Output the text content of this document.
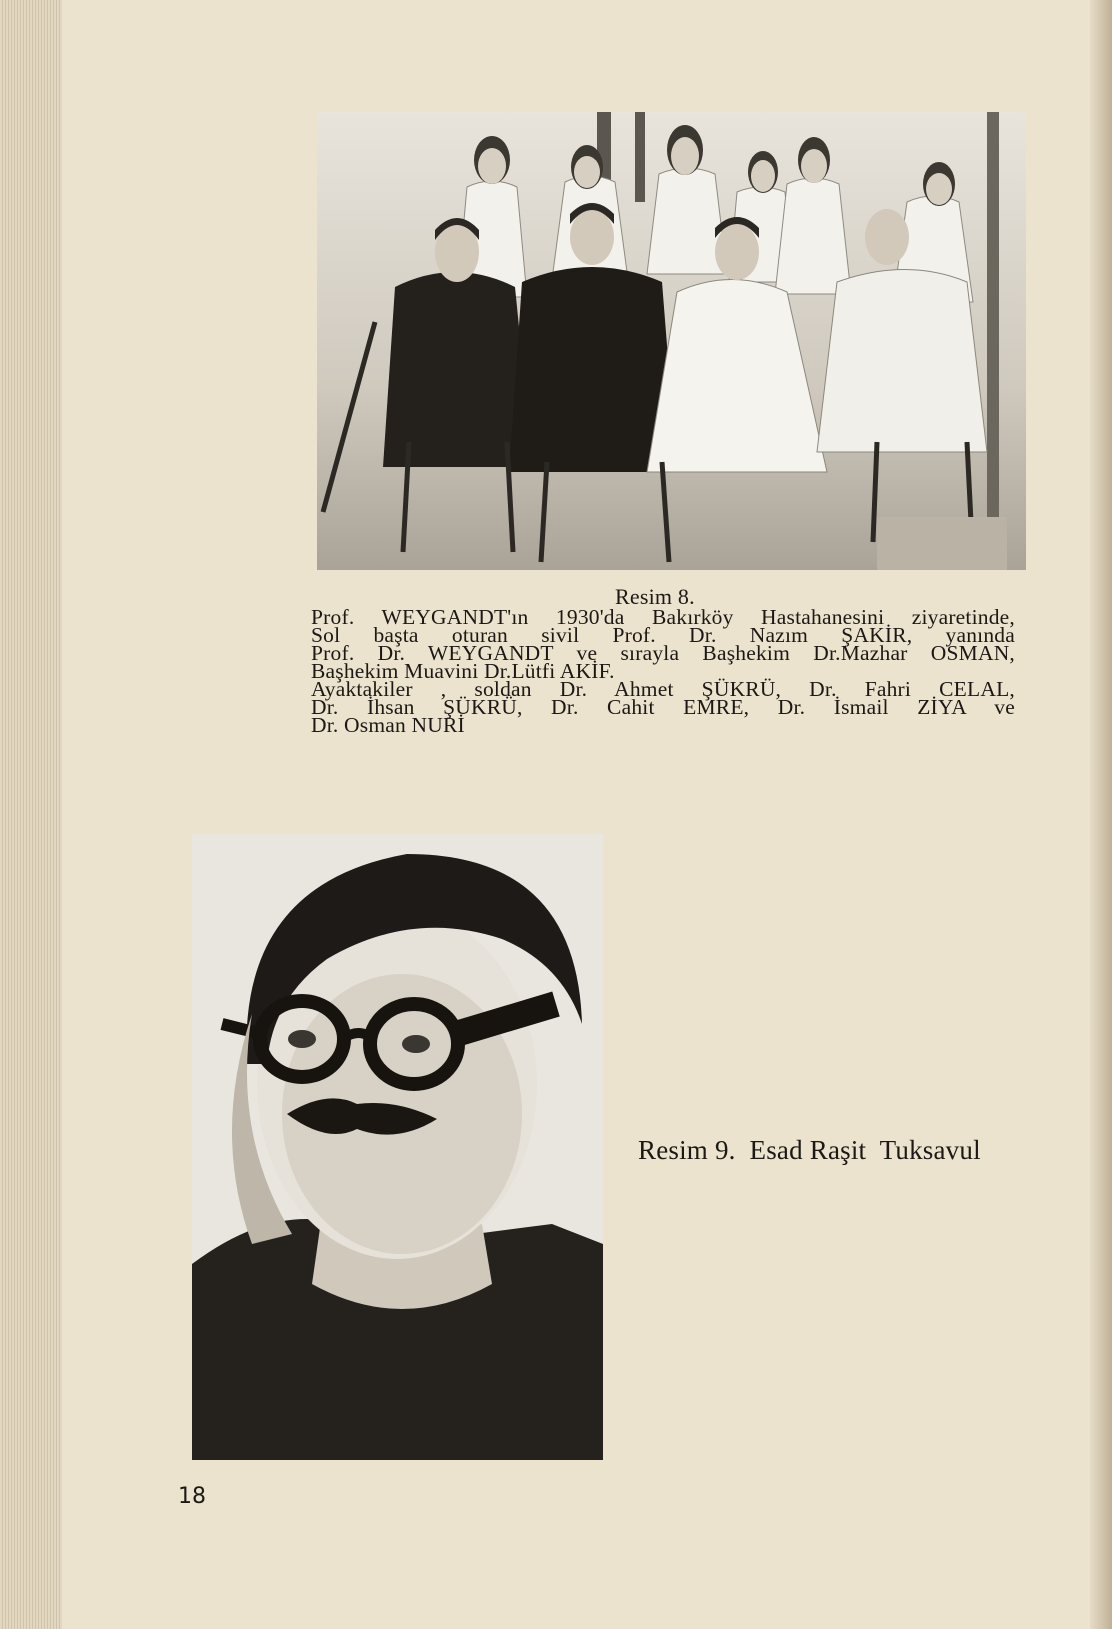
Resim 8.
Prof. WEYGANDT'ın 1930'da Bakırköy Hastahanesini ziyaretinde,
Sol başta oturan sivil Prof. Dr. Nazım ŞAKİR, yanında
Prof. Dr. WEYGANDT ve sırayla Başhekim Dr.Mazhar OSMAN,
Başhekim Muavini Dr.Lütfi AKİF.
Ayaktakiler , soldan Dr. Ahmet ŞÜKRÜ, Dr. Fahri CELAL,
Dr. İhsan ŞÜKRÜ, Dr. Cahit EMRE, Dr. İsmail ZİYA ve
Dr. Osman NURİ
Resim 9.  Esad Raşit  Tuksavul
18
